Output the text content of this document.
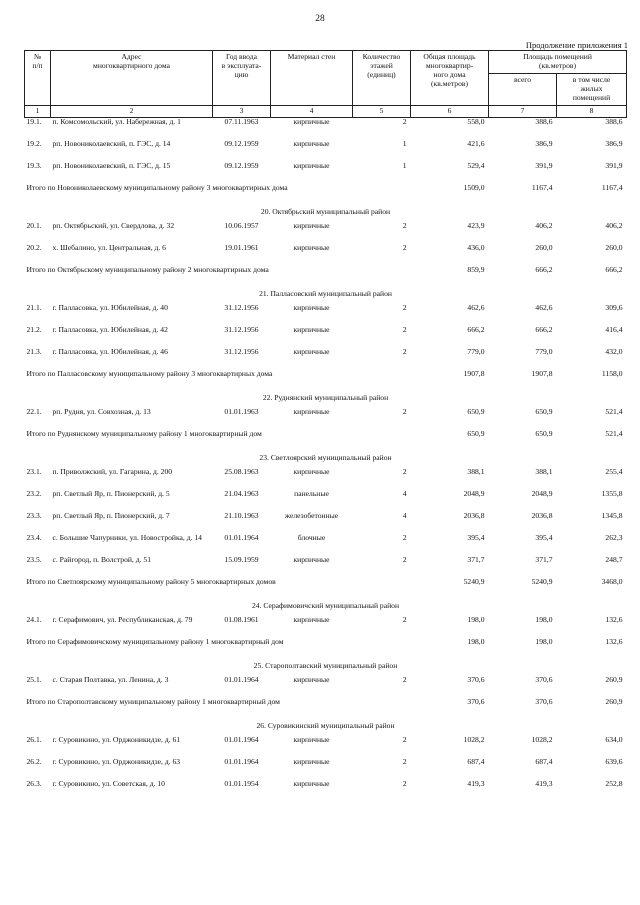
28
Продолжение приложения 1
№
п/п	Адрес
многоквартирного дома	Год ввода
в эксплуата-
цию	Материал стен	Количество
этажей
(единиц)	Общая площадь
многоквартир-
ного дома
(кв.метров)	Площадь помещений
(кв.метров)	
						всего	в том числе
жилых
помещений
1	2	3	4	5	6	7	8
19.1.	п. Комсомольский, ул. Набережная, д. 1	07.11.1963	кирпичные	2	558,0	388,6	388,6
19.2.	рп. Новониколаевский, п. ГЭС, д. 14	09.12.1959	кирпичные	1	421,6	386,9	386,9
19.3.	рп. Новониколаевский, п. ГЭС, д. 15	09.12.1959	кирпичные	1	529,4	391,9	391,9
Итого по Новониколаевскому муниципальному району 3 многоквартирных дома					1509,0	1167,4	1167,4
20. Октябрьский муниципальный район							
20.1.	рп. Октябрьский, ул. Свердлова, д. 32	10.06.1957	кирпичные	2	423,9	406,2	406,2
20.2.	х. Шебалино, ул. Центральная, д. 6	19.01.1961	кирпичные	2	436,0	260,0	260,0
Итого по Октябрьскому муниципальному району 2 многоквартирных дома					859,9	666,2	666,2
21. Палласовский муниципальный район							
21.1.	г. Палласовка, ул. Юбилейная, д. 40	31.12.1956	кирпичные	2	462,6	462,6	309,6
21.2.	г. Палласовка, ул. Юбилейная, д. 42	31.12.1956	кирпичные	2	666,2	666,2	416,4
21.3.	г. Палласовка, ул. Юбилейная, д. 46	31.12.1956	кирпичные	2	779,0	779,0	432,0
Итого по Палласовскому муниципальному району 3 многоквартирных дома					1907,8	1907,8	1158,0
22. Руднянский муниципальный район							
22.1.	рп. Рудня, ул. Совхозная, д. 13	01.01.1963	кирпичные	2	650,9	650,9	521,4
Итого по Руднянскому муниципальному району 1 многоквартирный дом					650,9	650,9	521,4
23. Светлоярский муниципальный район							
23.1.	п. Приволжский, ул. Гагарина, д. 200	25.08.1963	кирпичные	2	388,1	388,1	255,4
23.2.	рп. Светлый Яр, п. Пионерский, д. 5	21.04.1963	панельные	4	2048,9	2048,9	1355,8
23.3.	рп. Светлый Яр, п. Пионерский, д. 7	21.10.1963	железобетонные	4	2036,8	2036,8	1345,8
23.4.	с. Большие Чапурники, ул. Новостройка, д. 14	01.01.1964	блочные	2	395,4	395,4	262,3
23.5.	с. Райгород, п. Волстрой, д. 51	15.09.1959	кирпичные	2	371,7	371,7	248,7
Итого по Светлоярскому муниципальному району 5 многоквартирных домов					5240,9	5240,9	3468,0
24. Серафимовичский муниципальный район							
24.1.	г. Серафимович, ул. Республиканская, д. 79	01.08.1961	кирпичные	2	198,0	198,0	132,6
Итого по Серафимовичскому муниципальному району 1 многоквартирный дом					198,0	198,0	132,6
25. Старополтавский муниципальный район							
25.1.	с. Старая Полтавка, ул. Ленина, д. 3	01.01.1964	кирпичные	2	370,6	370,6	260,9
Итого по Старополтавскому муниципальному району 1 многоквартирный дом					370,6	370,6	260,9
26. Суровикинский муниципальный район							
26.1.	г. Суровикино, ул. Орджоникидзе, д. 61	01.01.1964	кирпичные	2	1028,2	1028,2	634,0
26.2.	г. Суровикино, ул. Орджоникидзе, д. 63	01.01.1964	кирпичные	2	687,4	687,4	639,6
26.3.	г. Суровикино, ул. Советская, д. 10	01.01.1954	кирпичные	2	419,3	419,3	252,8
